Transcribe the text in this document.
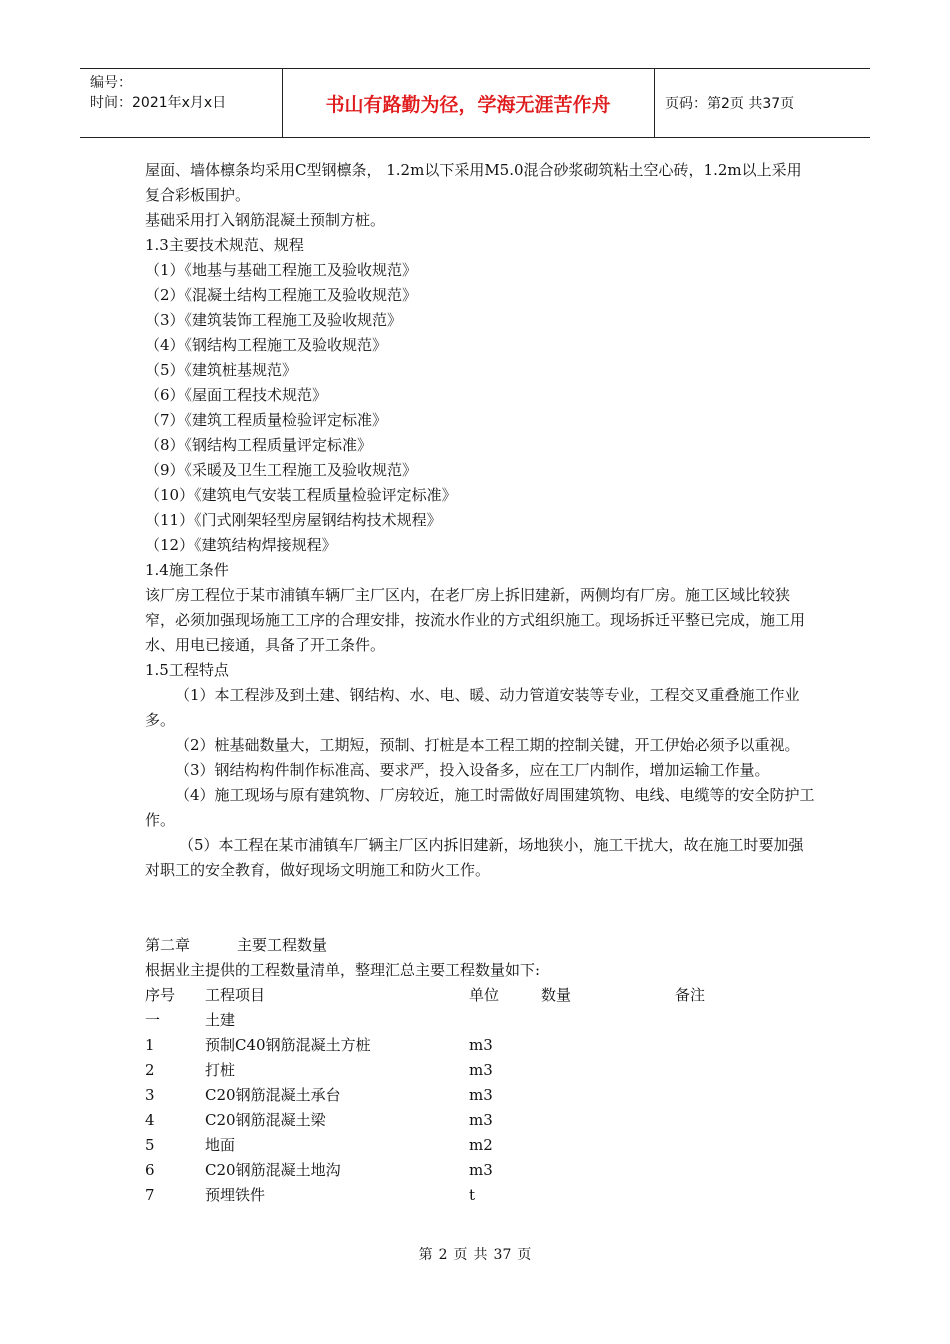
编号：
时间：2021年x月x日	书山有路勤为径，学海无涯苦作舟	页码：第2页 共37页

屋面、墙体檩条均采用C型钢檩条， 1.2m以下采用M5.0混合砂浆砌筑粘土空心砖，1.2m以上采用复合彩板围护。

基础采用打入钢筋混凝土预制方桩。

1.3主要技术规范、规程

（1）《地基与基础工程施工及验收规范》

（2）《混凝土结构工程施工及验收规范》

（3）《建筑装饰工程施工及验收规范》

（4）《钢结构工程施工及验收规范》

（5）《建筑桩基规范》

（6）《屋面工程技术规范》

（7）《建筑工程质量检验评定标准》

（8）《钢结构工程质量评定标准》

（9）《采暖及卫生工程施工及验收规范》

（10）《建筑电气安装工程质量检验评定标准》

（11）《门式刚架轻型房屋钢结构技术规程》

（12）《建筑结构焊接规程》

1.4施工条件

该厂房工程位于某市浦镇车辆厂主厂区内，在老厂房上拆旧建新，两侧均有厂房。施工区域比较狭窄，必须加强现场施工工序的合理安排，按流水作业的方式组织施工。现场拆迁平整已完成，施工用水、用电已接通，具备了开工条件。

1.5工程特点

（1）本工程涉及到土建、钢结构、水、电、暖、动力管道安装等专业，工程交叉重叠施工作业多。

（2）桩基础数量大，工期短，预制、打桩是本工程工期的控制关键，开工伊始必须予以重视。

（3）钢结构构件制作标准高、要求严，投入设备多，应在工厂内制作，增加运输工作量。

（4）施工现场与原有建筑物、厂房较近，施工时需做好周围建筑物、电线、电缆等的安全防护工作。

（5）本工程在某市浦镇车厂辆主厂区内拆旧建新，场地狭小，施工干扰大，故在施工时要加强对职工的安全教育，做好现场文明施工和防火工作。

第二章	主要工程数量

根据业主提供的工程数量清单，整理汇总主要工程数量如下:

序号 工程项目	单位	数量	备注
一	土建
1	预制C40钢筋混凝土方桩	m3
2	打桩	m3
3	C20钢筋混凝土承台	m3
4	C20钢筋混凝土梁	m3
5	地面	m2
6	C20钢筋混凝土地沟	m3
7	预埋铁件	t
第 2 页 共 37 页
